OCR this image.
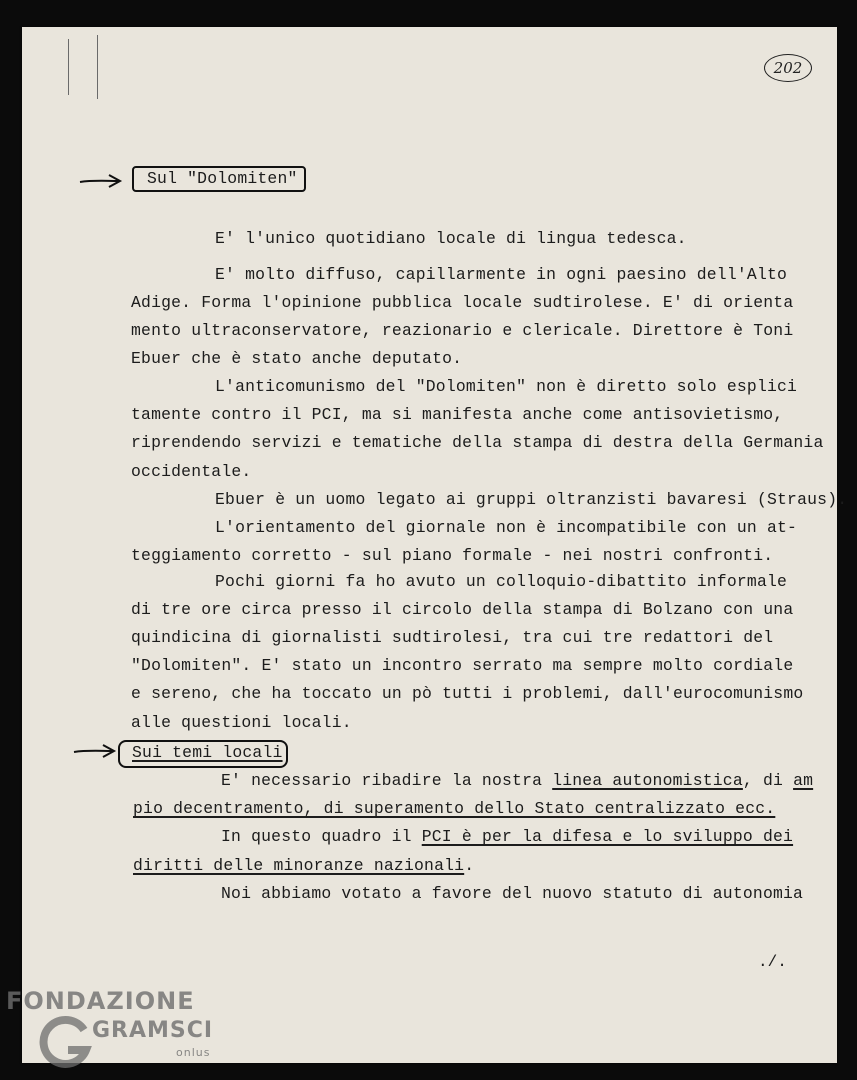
202
Sul "Dolomiten"
E' l'unico quotidiano locale di lingua tedesca.
E' molto diffuso, capillarmente in ogni paesino dell'Alto
Adige. Forma l'opinione pubblica locale sudtirolese. E' di orienta
mento ultraconservatore, reazionario e clericale. Direttore è Toni
Ebuer che è stato anche deputato.
L'anticomunismo del "Dolomiten" non è diretto solo esplici
tamente contro il PCI, ma si manifesta anche come antisovietismo,
riprendendo servizi e tematiche della stampa di destra della Germania
occidentale.
Ebuer è un uomo legato ai gruppi oltranzisti bavaresi (Straus).
L'orientamento del giornale non è incompatibile con un at-
teggiamento corretto - sul piano formale - nei nostri confronti.
Pochi giorni fa ho avuto un colloquio-dibattito informale
di tre ore circa presso il circolo della stampa di Bolzano con una
quindicina di giornalisti sudtirolesi, tra cui tre redattori del
"Dolomiten". E' stato un incontro serrato ma sempre molto cordiale
e sereno, che ha toccato un pò tutti i problemi, dall'eurocomunismo
alle questioni locali.
Sui temi locali
E' necessario ribadire la nostra linea autonomistica, di am
pio decentramento, di superamento dello Stato centralizzato ecc.
In questo quadro il PCI è per la difesa e lo sviluppo dei
diritti delle minoranze nazionali.
Noi abbiamo votato a favore del nuovo statuto di autonomia
./.
FONDAZIONE
GRAMSCI
onlus
